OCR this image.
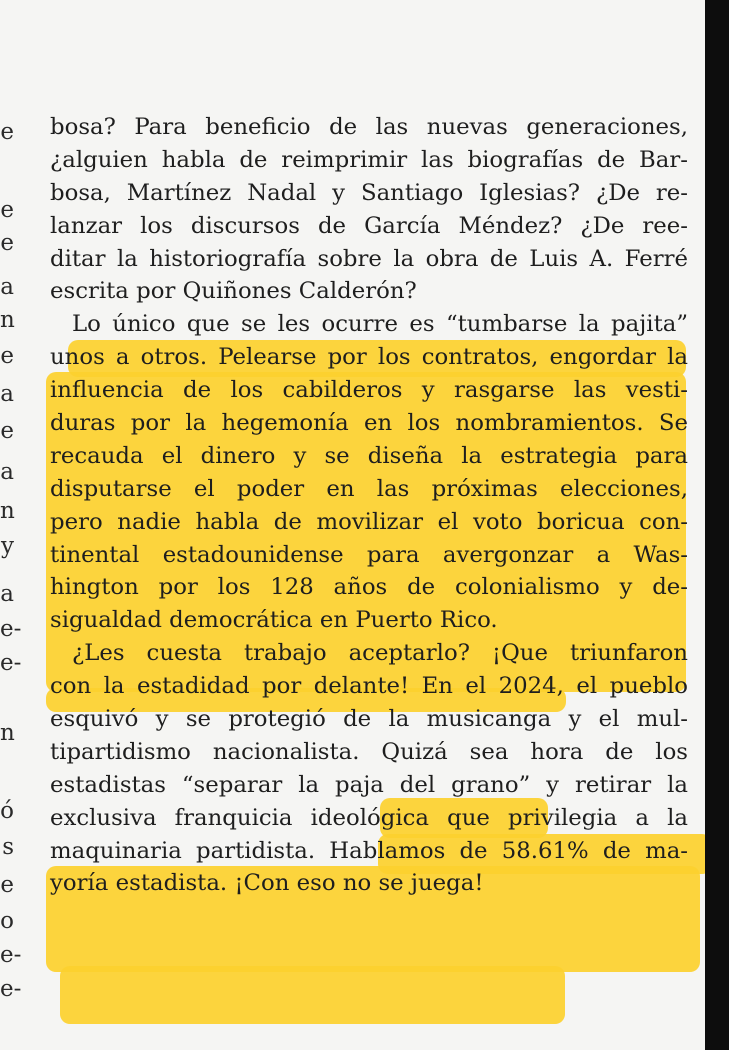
e
e
e
a
n
e
a
e
a
n
y
a
e-
e-
n
ó
s
e
o
e-
e-
bosa? Para beneficio de las nuevas generaciones,
¿alguien habla de reimprimir las biografías de Bar-
bosa, Martínez Nadal y Santiago Iglesias? ¿De re-
lanzar los discursos de García Méndez? ¿De ree-
ditar la historiografía sobre la obra de Luis A. Ferré
escrita por Quiñones Calderón?
Lo único que se les ocurre es “tumbarse la pajita”
unos a otros. Pelearse por los contratos, engordar la
influencia de los cabilderos y rasgarse las vesti-
duras por la hegemonía en los nombramientos. Se
recauda el dinero y se diseña la estrategia para
disputarse el poder en las próximas elecciones,
pero nadie habla de movilizar el voto boricua con-
tinental estadounidense para avergonzar a Was-
hington por los 128 años de colonialismo y de-
sigualdad democrática en Puerto Rico.
¿Les cuesta trabajo aceptarlo? ¡Que triunfaron
con la estadidad por delante! En el 2024, el pueblo
esquivó y se protegió de la musicanga y el mul-
tipartidismo nacionalista. Quizá sea hora de los
estadistas “separar la paja del grano” y retirar la
exclusiva franquicia ideológica que privilegia a la
maquinaria partidista. Hablamos de 58.61% de ma-
yoría estadista. ¡Con eso no se juega!
